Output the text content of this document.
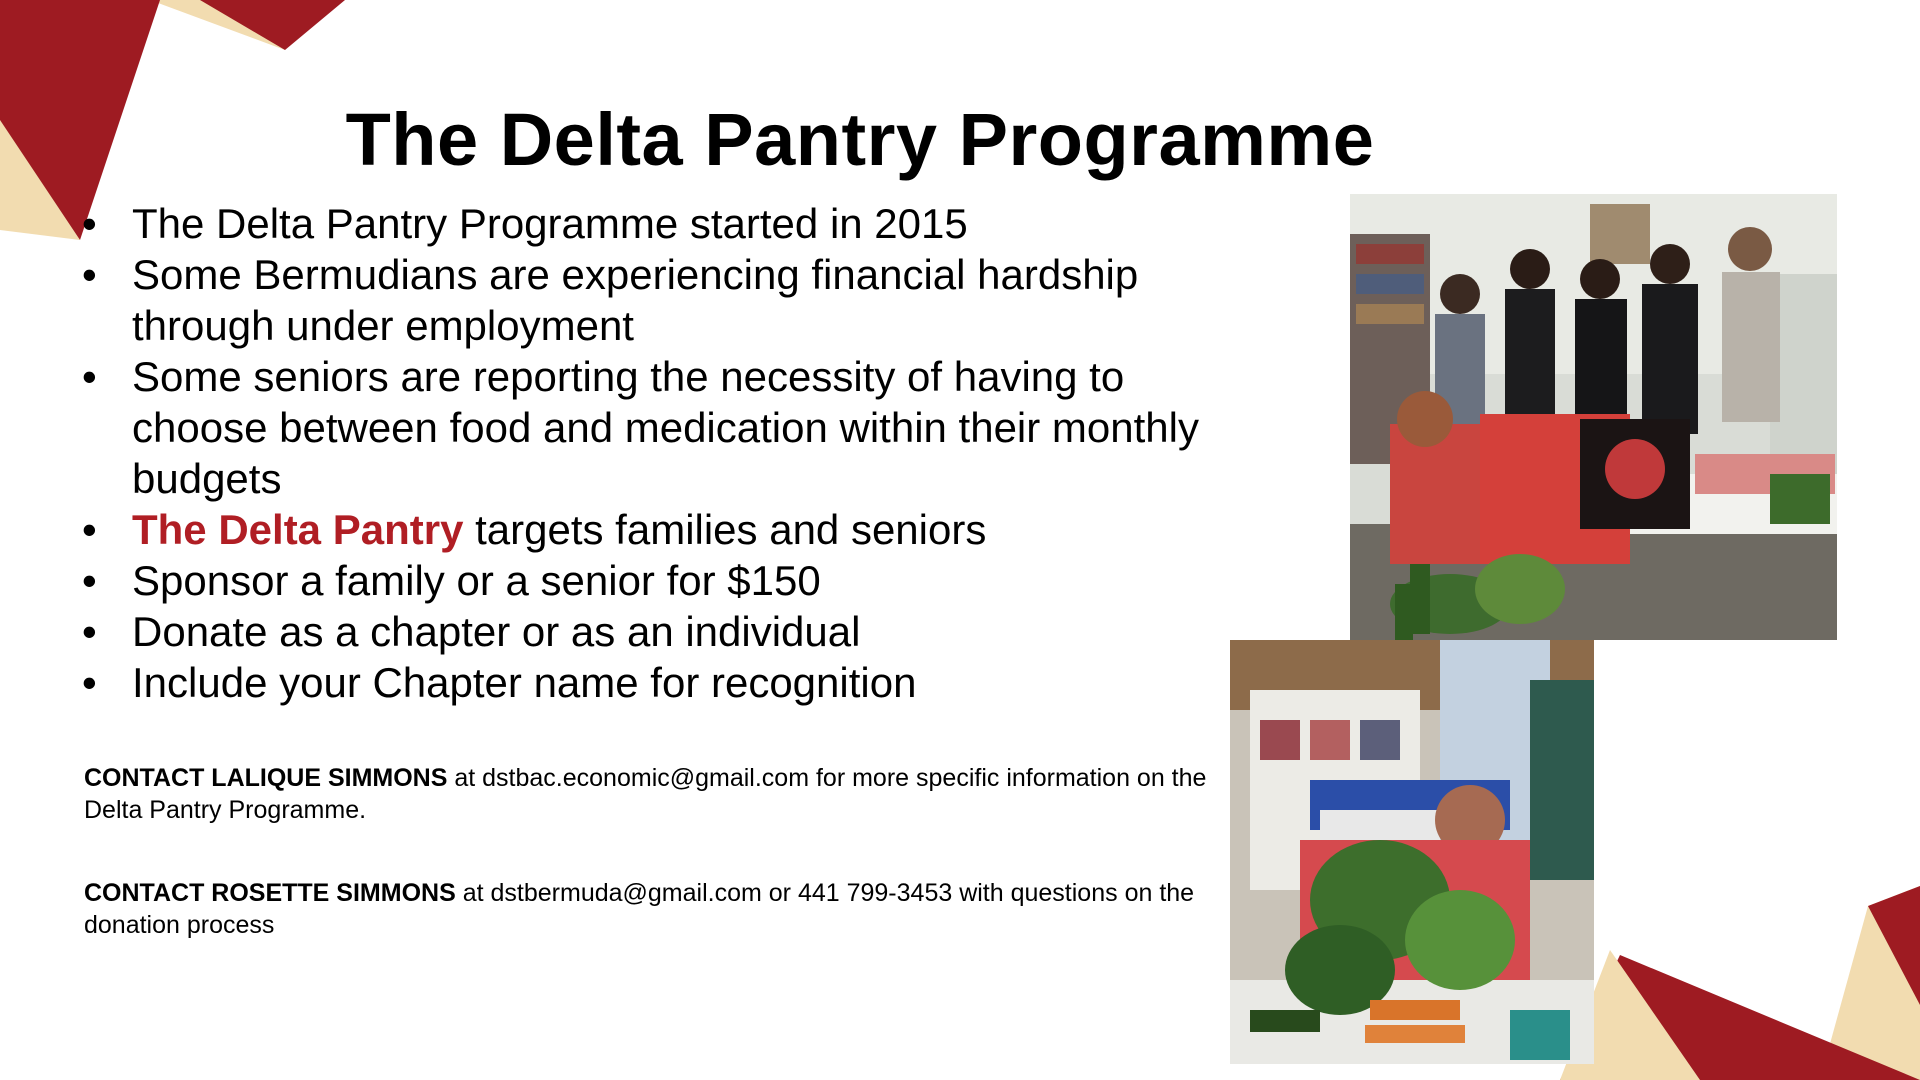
The Delta Pantry Programme
• The Delta Pantry Programme started in 2015
• Some Bermudians are experiencing financial hardship through under employment
• Some seniors are reporting the necessity of having to choose between food and medication within their monthly budgets
• The Delta Pantry targets families and seniors
• Sponsor a family or a senior for $150
• Donate as a chapter or as an individual
• Include your Chapter name for recognition
CONTACT LALIQUE SIMMONS at dstbac.economic@gmail.com for more specific information on the Delta Pantry Programme.
CONTACT ROSETTE SIMMONS at dstbermuda@gmail.com or 441 799-3453 with questions on the donation process
